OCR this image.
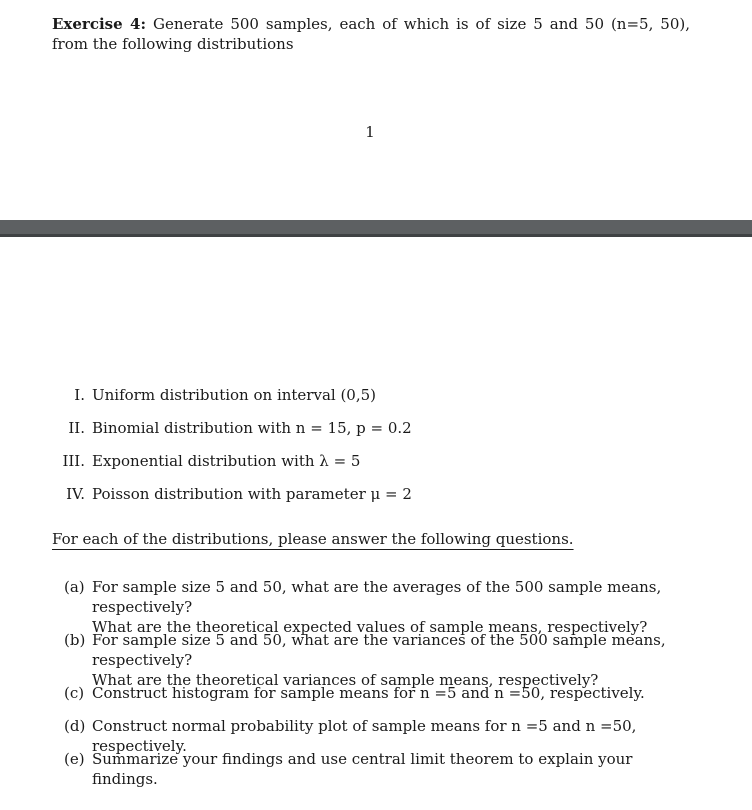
Exercise 4: Generate 500 samples, each of which is of size 5 and 50 (n=5, 50), from the following distributions

1
I. Uniform distribution on interval (0,5)
II. Binomial distribution with n = 15, p = 0.2
III. Exponential distribution with λ = 5
IV. Poisson distribution with parameter μ = 2
For each of the distributions, please answer the following questions.
(a) For sample size 5 and 50, what are the averages of the 500 sample means, respectively?
What are the theoretical expected values of sample means, respectively?
(b) For sample size 5 and 50, what are the variances of the 500 sample means, respectively?
What are the theoretical variances of sample means, respectively?
(c) Construct histogram for sample means for n =5 and n =50, respectively.
(d) Construct normal probability plot of sample means for n =5 and n =50, respectively.
(e) Summarize your findings and use central limit theorem to explain your findings.
